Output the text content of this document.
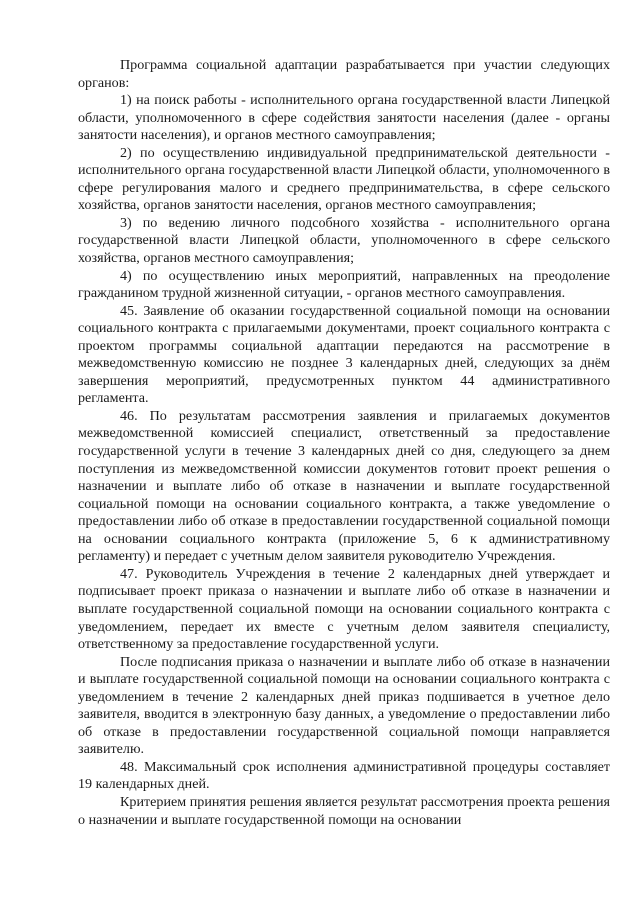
Программа социальной адаптации разрабатывается при участии следующих органов:

1) на поиск работы - исполнительного органа государственной власти Липецкой области, уполномоченного в сфере содействия занятости населения (далее - органы занятости населения), и органов местного самоуправления;

2) по осуществлению индивидуальной предпринимательской деятельности - исполнительного органа государственной власти Липецкой области, уполномоченного в сфере регулирования малого и среднего предпринимательства, в сфере сельского хозяйства, органов занятости населения, органов местного самоуправления;

3) по ведению личного подсобного хозяйства - исполнительного органа государственной власти Липецкой области, уполномоченного в сфере сельского хозяйства, органов местного самоуправления;

4) по осуществлению иных мероприятий, направленных на преодоление гражданином трудной жизненной ситуации, - органов местного самоуправления.

45. Заявление об оказании государственной социальной помощи на основании социального контракта с прилагаемыми документами, проект социального контракта с проектом программы социальной адаптации передаются на рассмотрение в межведомственную комиссию не позднее 3 календарных дней, следующих за днём завершения мероприятий, предусмотренных пунктом 44 административного регламента.

46. По результатам рассмотрения заявления и прилагаемых документов межведомственной комиссией специалист, ответственный за предоставление государственной услуги в течение 3 календарных дней со дня, следующего за днем поступления из межведомственной комиссии документов готовит проект решения о назначении и выплате либо об отказе в назначении и выплате государственной социальной помощи на основании социального контракта, а также уведомление о предоставлении либо об отказе в предоставлении государственной социальной помощи на основании социального контракта (приложение 5, 6 к административному регламенту) и передает с учетным делом заявителя руководителю Учреждения.

47. Руководитель Учреждения в течение 2 календарных дней утверждает и подписывает проект приказа о назначении и выплате либо об отказе в назначении и выплате государственной социальной помощи на основании социального контракта с уведомлением, передает их вместе с учетным делом заявителя специалисту, ответственному за предоставление государственной услуги.

После подписания приказа о назначении и выплате либо об отказе в назначении и выплате государственной социальной помощи на основании социального контракта с уведомлением в течение 2 календарных дней приказ подшивается в учетное дело заявителя, вводится в электронную базу данных, а уведомление о предоставлении либо об отказе в предоставлении государственной социальной помощи направляется заявителю.

48. Максимальный срок исполнения административной процедуры составляет 19 календарных дней.

Критерием принятия решения является результат рассмотрения проекта решения о назначении и выплате государственной помощи на основании
